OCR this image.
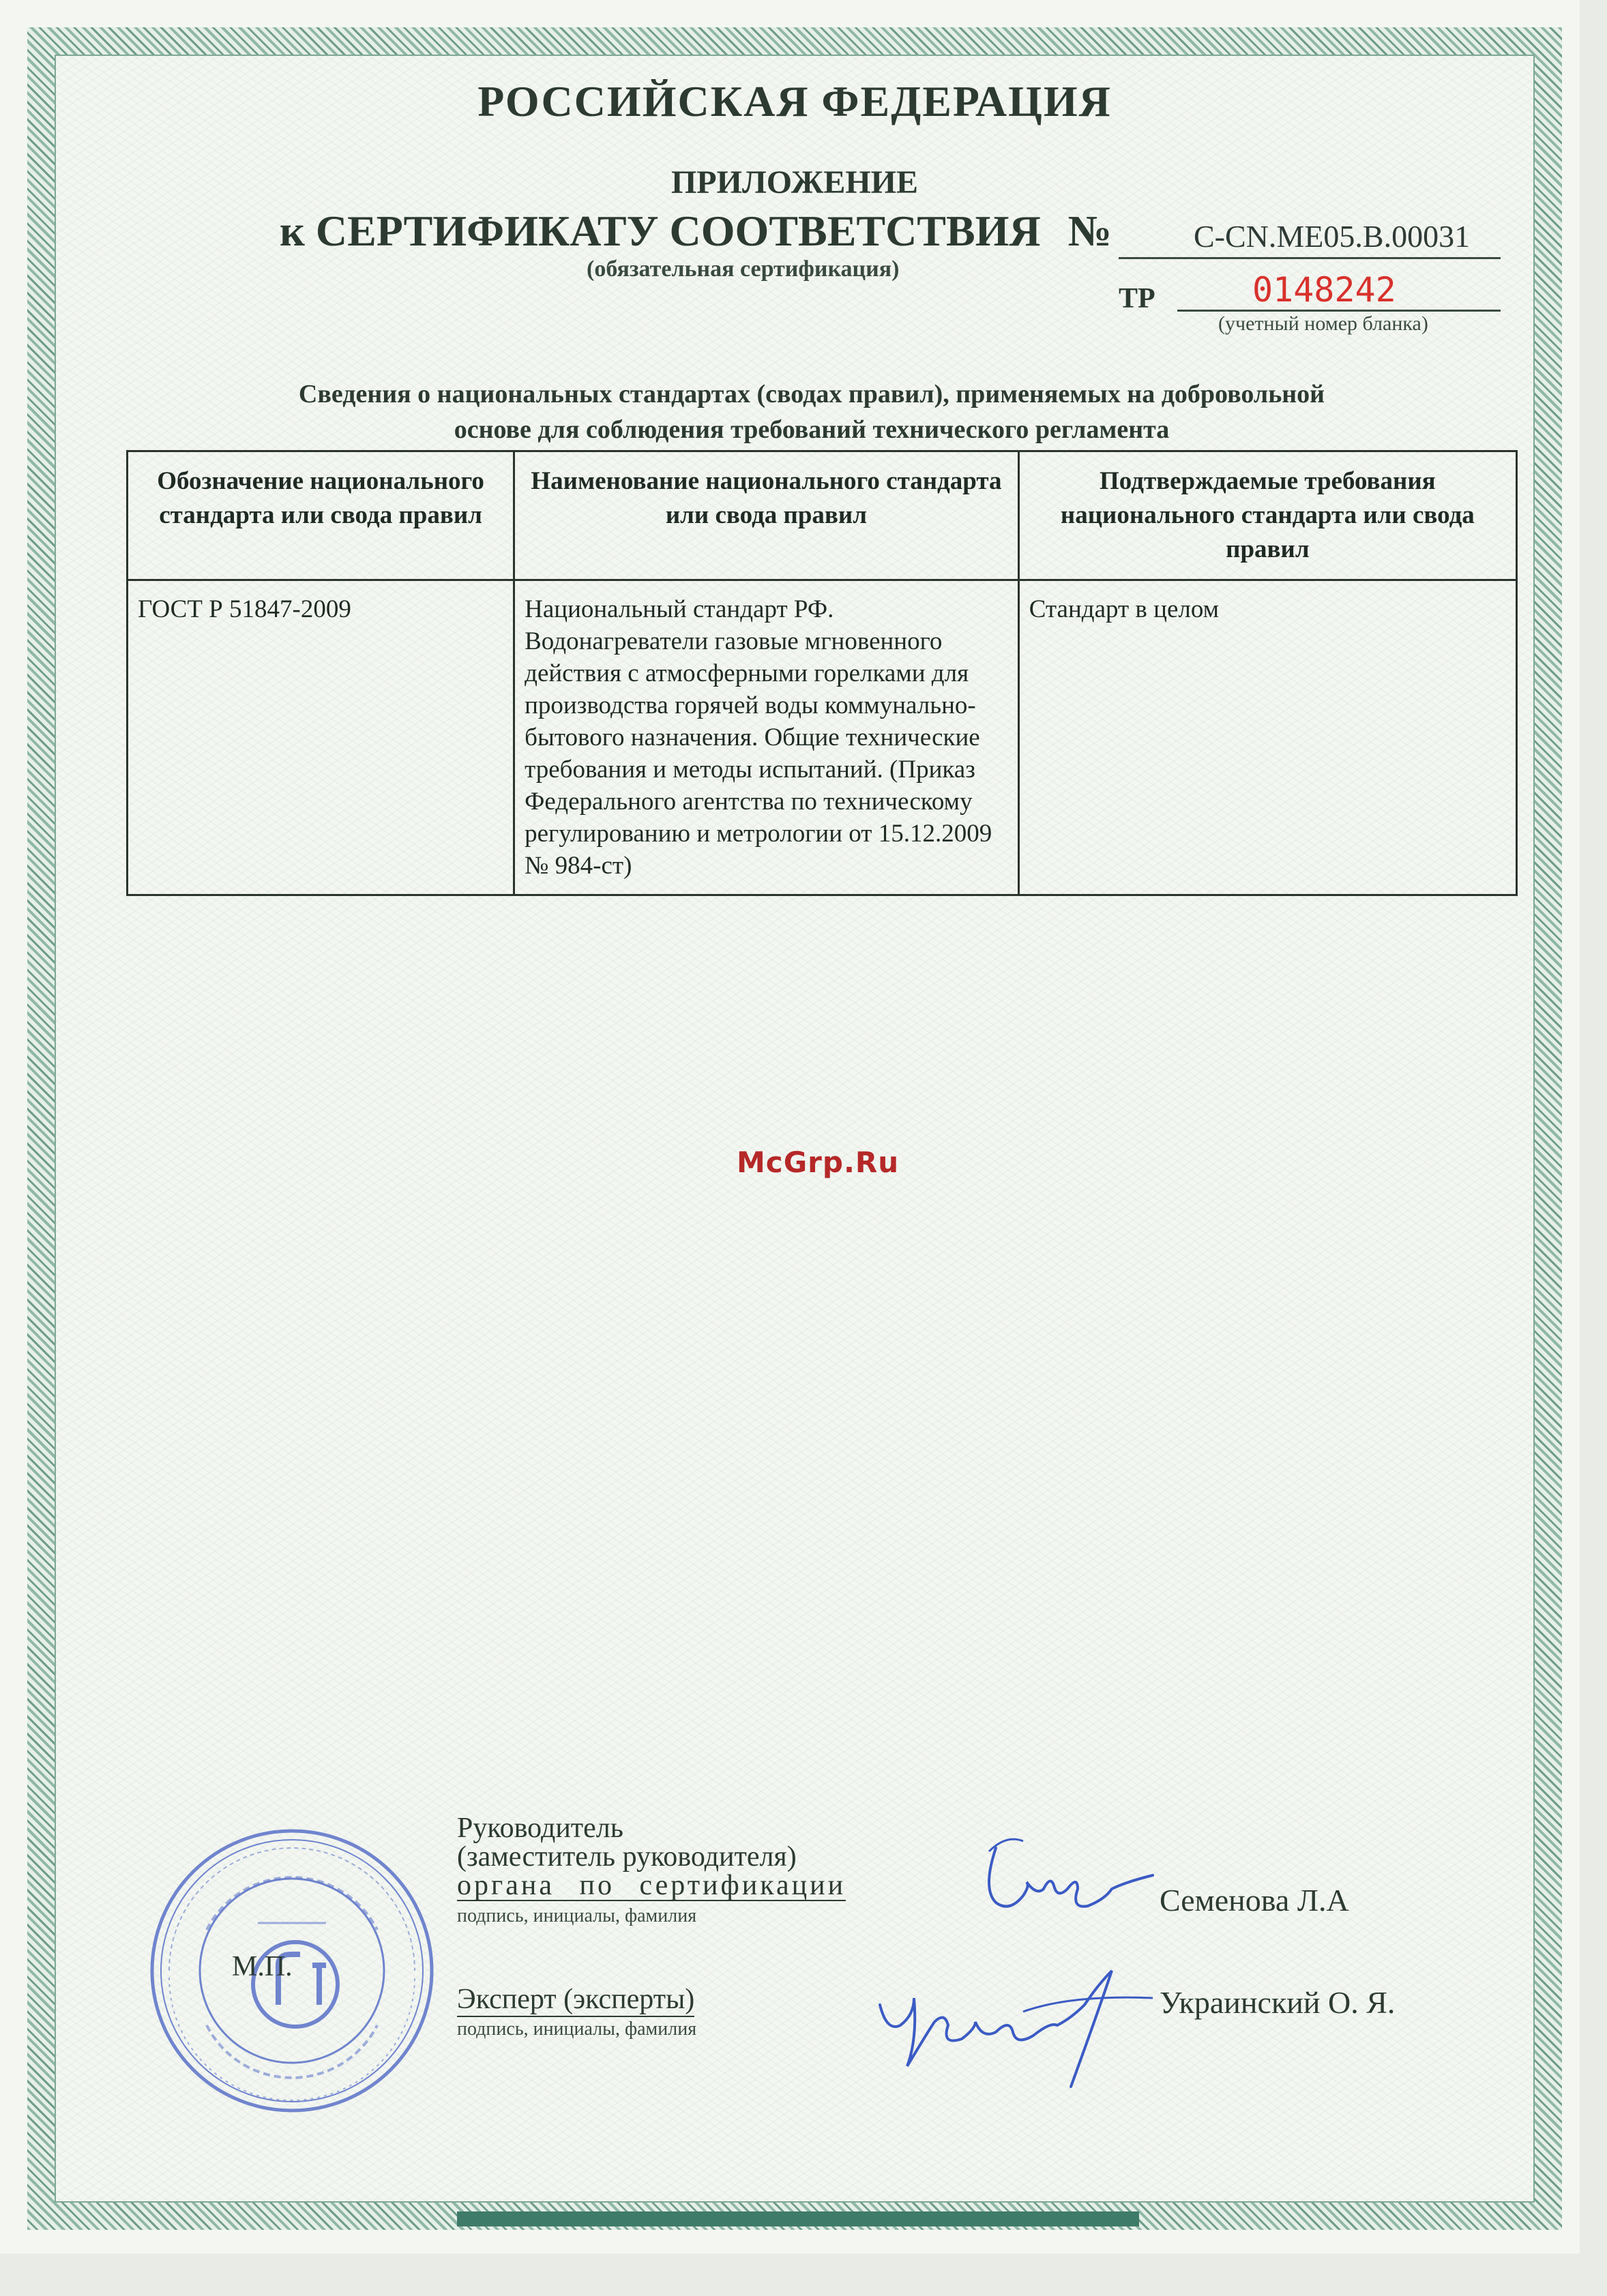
РОССИЙСКАЯ ФЕДЕРАЦИЯ
ПРИЛОЖЕНИЕ
к СЕРТИФИКАТУ СООТВЕТСТВИЯ №	C-CN.ME05.B.00031
(обязательная сертификация)
ТР	0148242
(учетный номер бланка)
Сведения о национальных стандартах (сводах правил), применяемых на добровольной
основе для соблюдения требований технического регламента
Обозначение национального стандарта или свода правил	Наименование национального стандарта или свода правил	Подтверждаемые требования национального стандарта или свода правил
ГОСТ Р 51847-2009	Национальный стандарт РФ. Водонагреватели газовые мгновенного действия с атмосферными горелками для производства горячей воды коммунально-бытового назначения. Общие технические требования и методы испытаний. (Приказ Федерального агентства по техническому регулированию и метрологии от 15.12.2009 № 984-ст)	Стандарт в целом
McGrp.Ru
М.П.
Руководитель
(заместитель руководителя)
органа по сертификации
подпись, инициалы, фамилия	Семенова Л.А
Эксперт (эксперты)
подпись, инициалы, фамилия
Украинский О. Я.
